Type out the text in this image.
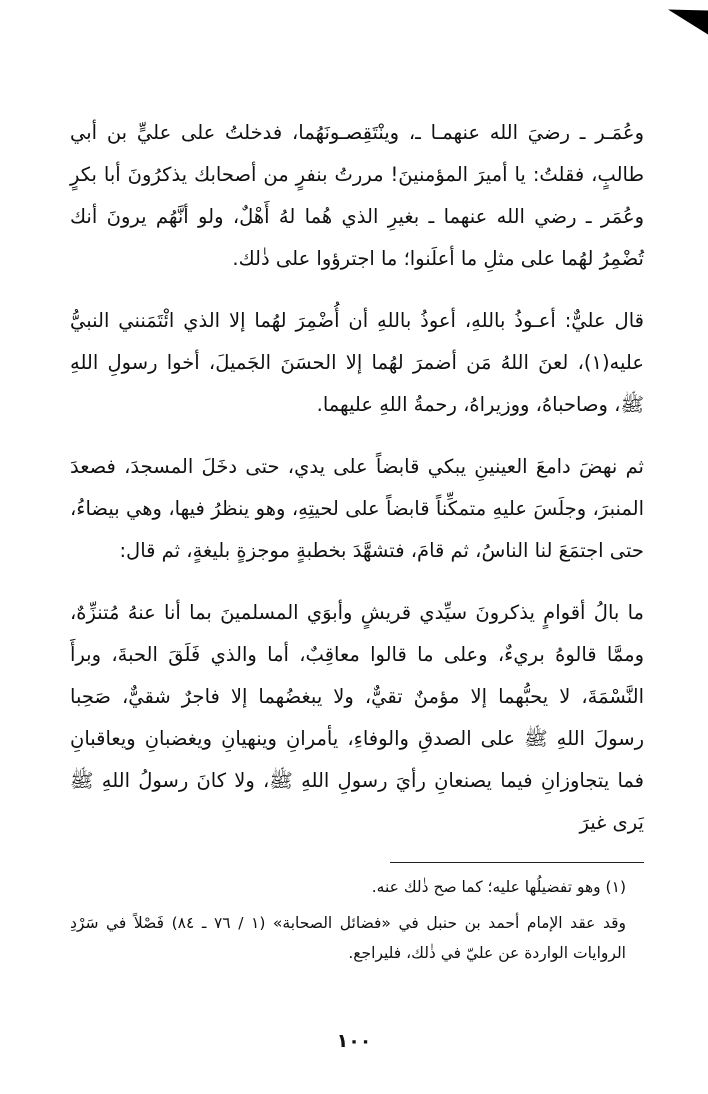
وعُمَـر ـ رضيَ الله عنهمـا ـ، وينْتَقِصـونَهُما، فدخلتُ على عليٍّ بن أبي طالبٍ، فقلتُ: يا أميرَ المؤمنينَ! مررتُ بنفرٍ من أصحابك يذكرُونَ أبا بكرٍ وعُمَر ـ رضي الله عنهما ـ بغيرِ الذي هُما لهُ أَهْلٌ، ولو أنَّهُم يرونَ أنك تُضْمِرُ لهُما على مثلِ ما أعلَنوا؛ ما اجترؤوا على ذٰلك.

قال عليٌّ: أعـوذُ باللهِ، أعوذُ باللهِ أن أُضْمِرَ لهُما إلا الذي ائْتَمَنني النبيُّ عليه(١)، لعنَ اللهُ مَن أضمرَ لهُما إلا الحسَنَ الجَميلَ، أخوا رسولِ اللهِ ﷺ، وصاحباهُ، ووزيراهُ، رحمةُ اللهِ عليهما.

ثم نهضَ دامعَ العينينِ يبكي قابضاً على يدي، حتى دخَلَ المسجدَ، فصعدَ المنبرَ، وجلَسَ عليهِ متمكِّناً قابضاً على لحيتِهِ، وهو ينظرُ فيها، وهي بيضاءُ، حتى اجتمَعَ لنا الناسُ، ثم قامَ، فتشهَّدَ بخطبةٍ موجزةٍ بليغةٍ، ثم قال:

ما بالُ أقوامٍ يذكرونَ سيِّدي قريشٍ وأبوَي المسلمينَ بما أنا عنهُ مُتنزِّهٌ، وممَّا قالوهُ بريءٌ، وعلى ما قالوا معاقِبٌ، أما والذي فَلَقَ الحبةَ، وبرأَ النَّسْمَةَ، لا يحبُّهما إلا مؤمنٌ تقيٌّ، ولا يبغضُهما إلا فاجرٌ شقيٌّ، صَحِبا رسولَ اللهِ ﷺ على الصدقِ والوفاءِ، يأمرانِ وينهيانِ ويغضبانِ ويعاقبانِ فما يتجاوزانِ فيما يصنعانِ رأيَ رسولِ اللهِ ﷺ، ولا كانَ رسولُ اللهِ ﷺ يَرى غيرَ

(١) وهو تفضيلُها عليه؛ كما صح ذٰلك عنه.

وقد عقد الإمام أحمد بن حنبل في «فضائل الصحابة» (١ / ٧٦ ـ ٨٤) فَصْلاً في سَرْدِ الروايات الواردة عن عليّ في ذٰلك، فليراجع.

١٠٠
